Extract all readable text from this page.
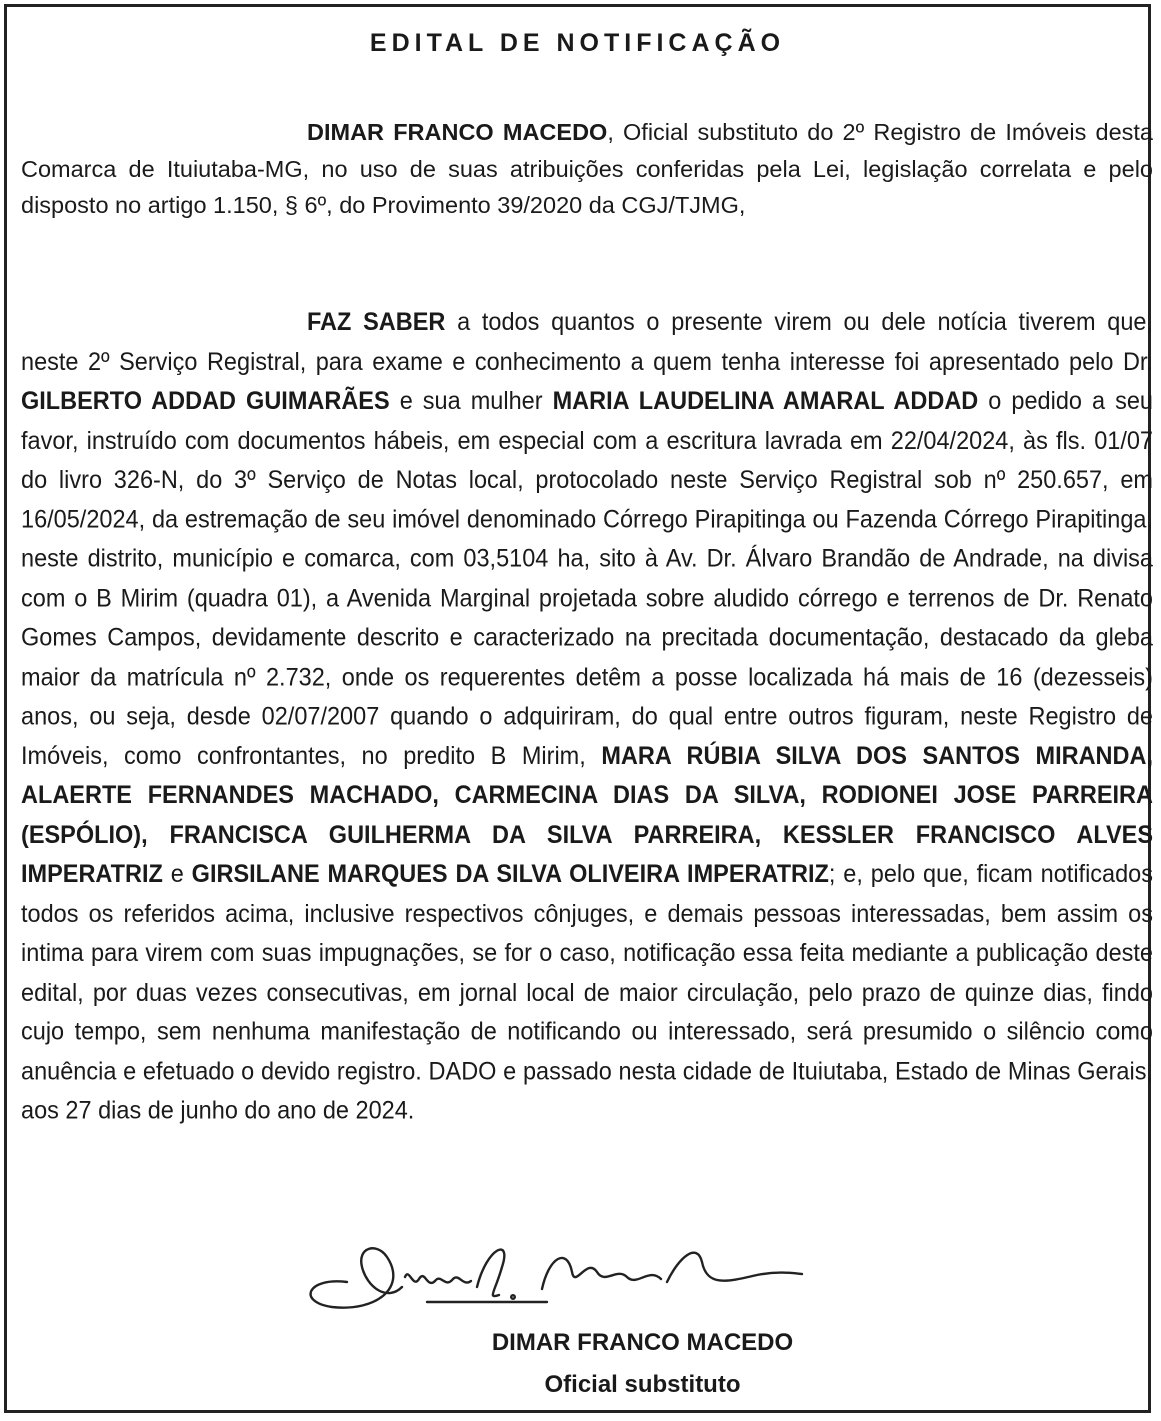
EDITAL DE NOTIFICAÇÃO
DIMAR FRANCO MACEDO, Oficial substituto do 2º Registro de Imóveis desta Comarca de Ituiutaba-MG, no uso de suas atribuições conferidas pela Lei, legislação correlata e pelo disposto no artigo 1.150, § 6º, do Provimento 39/2020 da CGJ/TJMG,
FAZ SABER a todos quantos o presente virem ou dele notícia tiverem que, neste 2º Serviço Registral, para exame e conhecimento a quem tenha interesse foi apresentado pelo Dr. GILBERTO ADDAD GUIMARÃES e sua mulher MARIA LAUDELINA AMARAL ADDAD o pedido a seu favor, instruído com documentos hábeis, em especial com a escritura lavrada em 22/04/2024, às fls. 01/07 do livro 326-N, do 3º Serviço de Notas local, protocolado neste Serviço Registral sob nº 250.657, em 16/05/2024, da estremação de seu imóvel denominado Córrego Pirapitinga ou Fazenda Córrego Pirapitinga, neste distrito, município e comarca, com 03,5104 ha, sito à Av. Dr. Álvaro Brandão de Andrade, na divisa com o B Mirim (quadra 01), a Avenida Marginal projetada sobre aludido córrego e terrenos de Dr. Renato Gomes Campos, devidamente descrito e caracterizado na precitada documentação, destacado da gleba maior da matrícula nº 2.732, onde os requerentes detêm a posse localizada há mais de 16 (dezesseis) anos, ou seja, desde 02/07/2007 quando o adquiriram, do qual entre outros figuram, neste Registro de Imóveis, como confrontantes, no predito B Mirim, MARA RÚBIA SILVA DOS SANTOS MIRANDA, ALAERTE FERNANDES MACHADO, CARMECINA DIAS DA SILVA, RODIONEI JOSE PARREIRA (ESPÓLIO), FRANCISCA GUILHERMA DA SILVA PARREIRA, KESSLER FRANCISCO ALVES IMPERATRIZ e GIRSILANE MARQUES DA SILVA OLIVEIRA IMPERATRIZ; e, pelo que, ficam notificados todos os referidos acima, inclusive respectivos cônjuges, e demais pessoas interessadas, bem assim os intima para virem com suas impugnações, se for o caso, notificação essa feita mediante a publicação deste edital, por duas vezes consecutivas, em jornal local de maior circulação, pelo prazo de quinze dias, findo cujo tempo, sem nenhuma manifestação de notificando ou interessado, será presumido o silêncio como anuência e efetuado o devido registro. DADO e passado nesta cidade de Ituiutaba, Estado de Minas Gerais, aos 27 dias de junho do ano de 2024.
DIMAR FRANCO MACEDO
Oficial substituto
